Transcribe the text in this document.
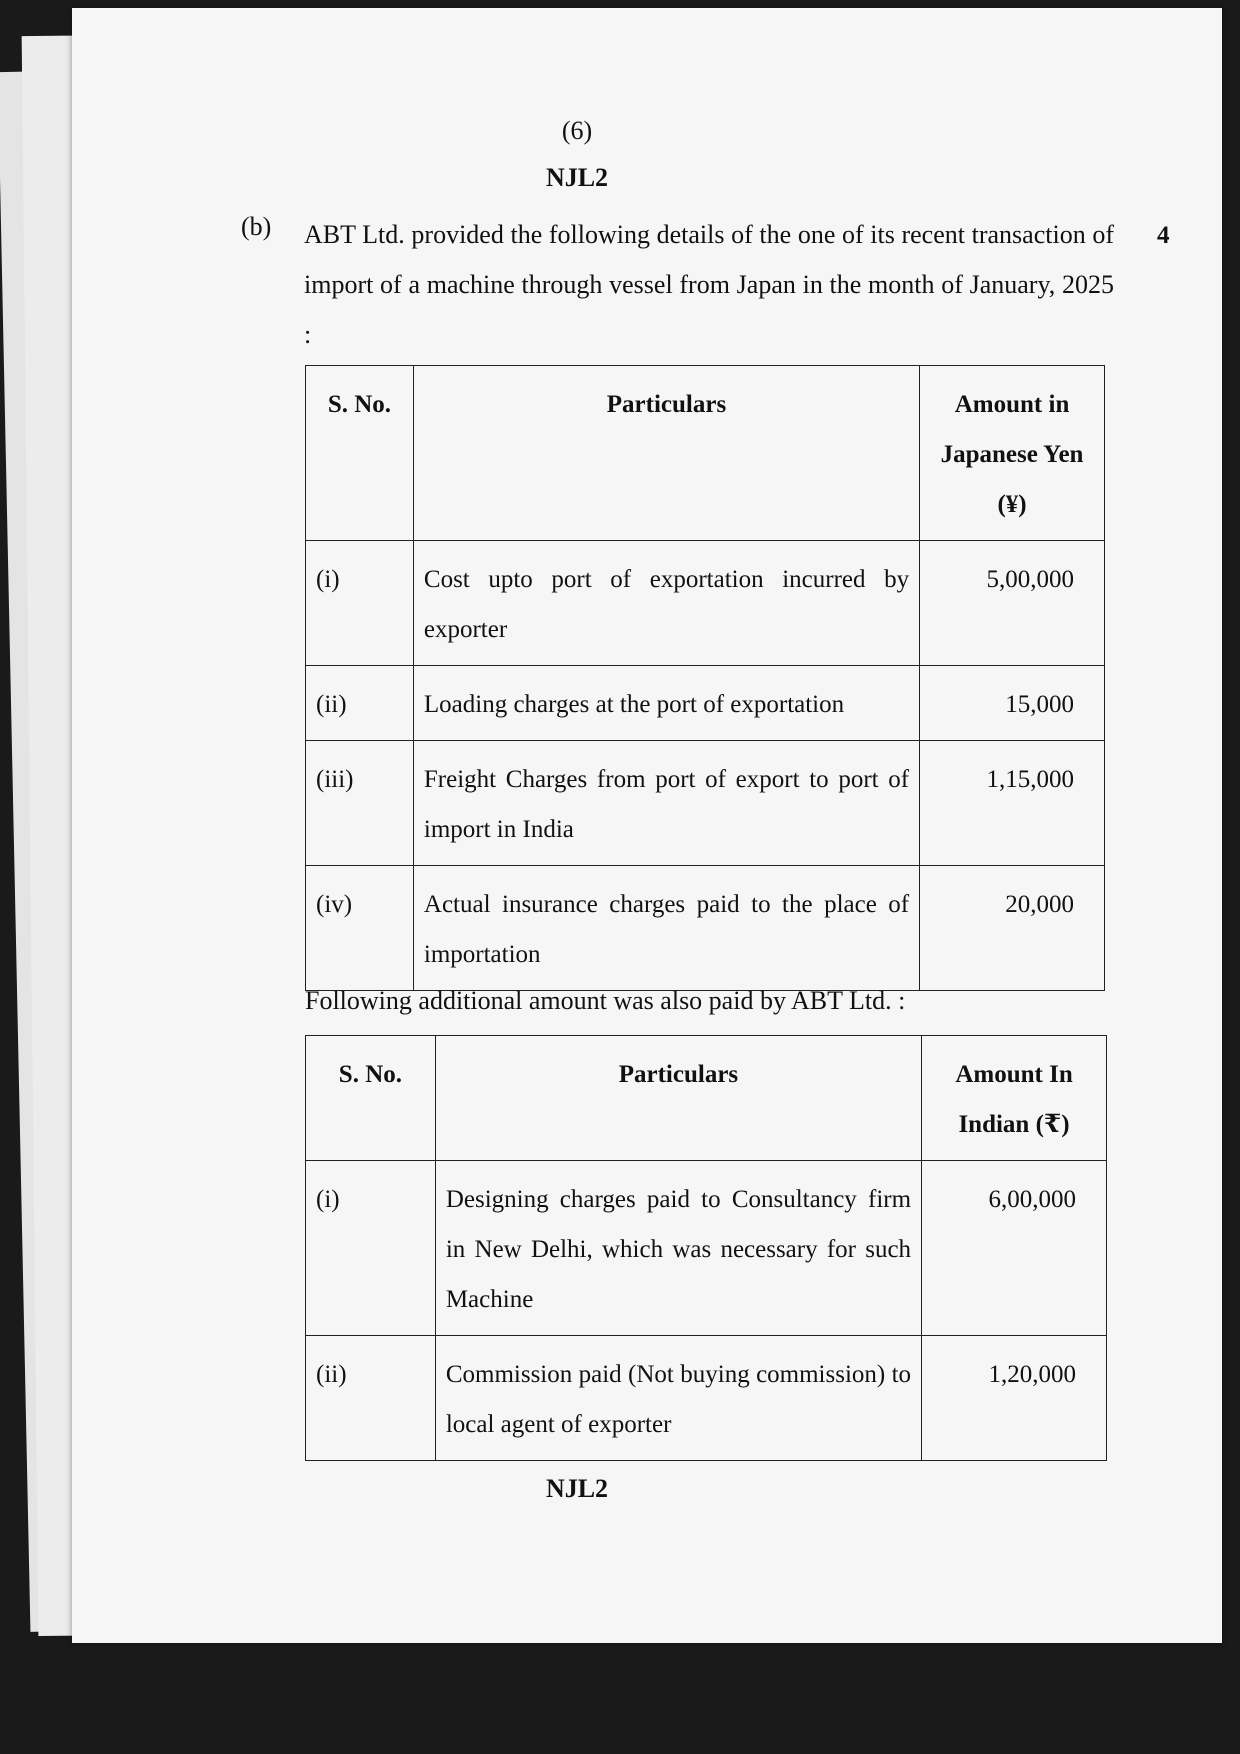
(6)
NJL2
(b)	4
ABT Ltd. provided the following details of the one of its recent transaction of import of a machine through vessel from Japan in the month of January, 2025 :
S. No.	Particulars	Amount in Japanese Yen (¥)
(i)	Cost upto port of exportation incurred by exporter	5,00,000
(ii)	Loading charges at the port of exportation	15,000
(iii)	Freight Charges from port of export to port of import in India	1,15,000
(iv)	Actual insurance charges paid to the place of importation	20,000
Following additional amount was also paid by ABT Ltd. :
S. No.	Particulars	Amount In Indian (₹)
(i)	Designing charges paid to Consultancy firm in New Delhi, which was necessary for such Machine	6,00,000
(ii)	Commission paid (Not buying commission) to local agent of exporter	1,20,000
NJL2
